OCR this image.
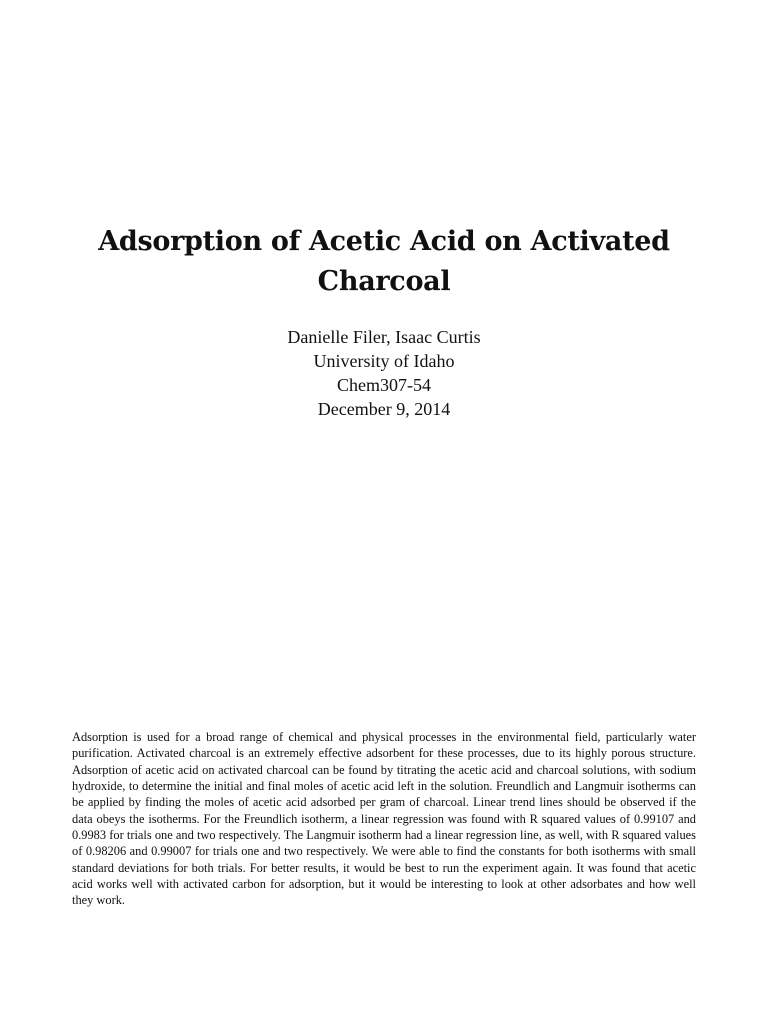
Adsorption of Acetic Acid on Activated
Charcoal
Danielle Filer, Isaac Curtis
University of Idaho
Chem307-54
December 9, 2014

Adsorption is used for a broad range of chemical and physical processes in the environmental field, particularly water purification. Activated charcoal is an extremely effective adsorbent for these processes, due to its highly porous structure. Adsorption of acetic acid on activated charcoal can be found by titrating the acetic acid and charcoal solutions, with sodium hydroxide, to determine the initial and final moles of acetic acid left in the solution. Freundlich and Langmuir isotherms can be applied by finding the moles of acetic acid adsorbed per gram of charcoal. Linear trend lines should be observed if the data obeys the isotherms. For the Freundlich isotherm, a linear regression was found with R squared values of 0.99107 and 0.9983 for trials one and two respectively. The Langmuir isotherm had a linear regression line, as well, with R squared values of 0.98206 and 0.99007 for trials one and two respectively. We were able to find the constants for both isotherms with small standard deviations for both trials. For better results, it would be best to run the experiment again. It was found that acetic acid works well with activated carbon for adsorption, but it would be interesting to look at other adsorbates and how well they work.
